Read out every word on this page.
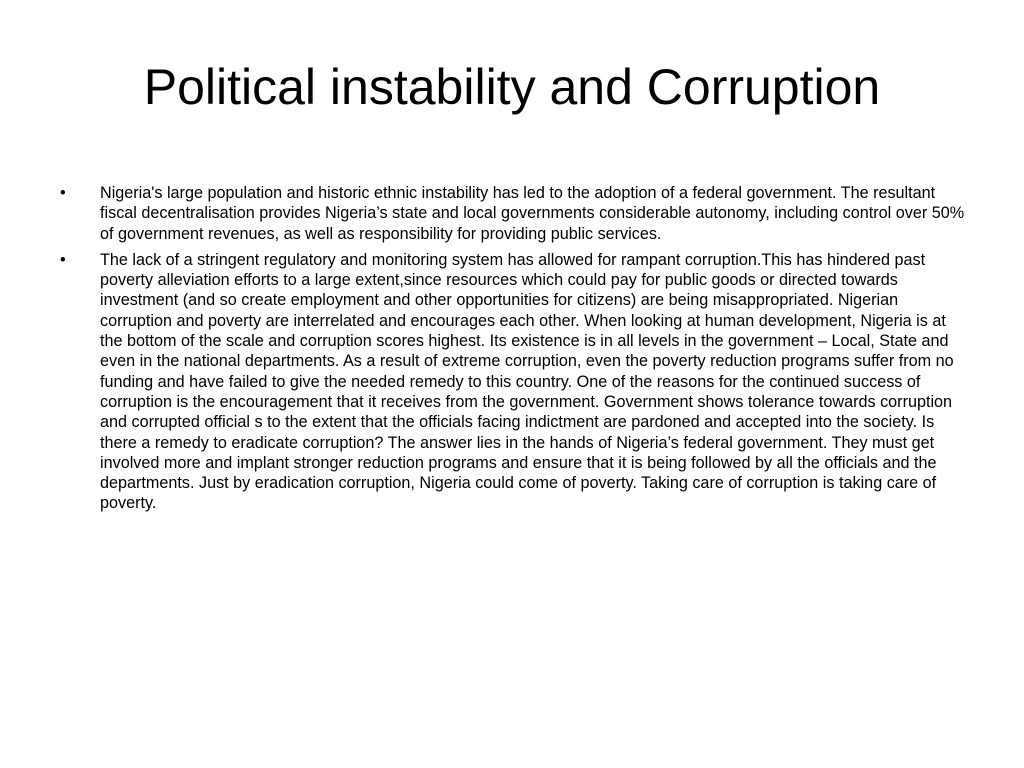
Political instability and Corruption
• Nigeria's large population and historic ethnic instability has led to the adoption of a federal government. The resultant fiscal decentralisation provides Nigeria’s state and local governments considerable autonomy, including control over 50% of government revenues, as well as responsibility for providing public services.
• The lack of a stringent regulatory and monitoring system has allowed for rampant corruption.This has hindered past poverty alleviation efforts to a large extent,since resources which could pay for public goods or directed towards investment (and so create employment and other opportunities for citizens) are being misappropriated. Nigerian corruption and poverty are interrelated and encourages each other. When looking at human development, Nigeria is at the bottom of the scale and corruption scores highest. Its existence is in all levels in the government – Local, State and even in the national departments. As a result of extreme corruption, even the poverty reduction programs suffer from no funding and have failed to give the needed remedy to this country. One of the reasons for the continued success of corruption is the encouragement that it receives from the government. Government shows tolerance towards corruption and corrupted official s to the extent that the officials facing indictment are pardoned and accepted into the society. Is there a remedy to eradicate corruption? The answer lies in the hands of Nigeria’s federal government. They must get involved more and implant stronger reduction programs and ensure that it is being followed by all the officials and the departments. Just by eradication corruption, Nigeria could come of poverty. Taking care of corruption is taking care of poverty.
